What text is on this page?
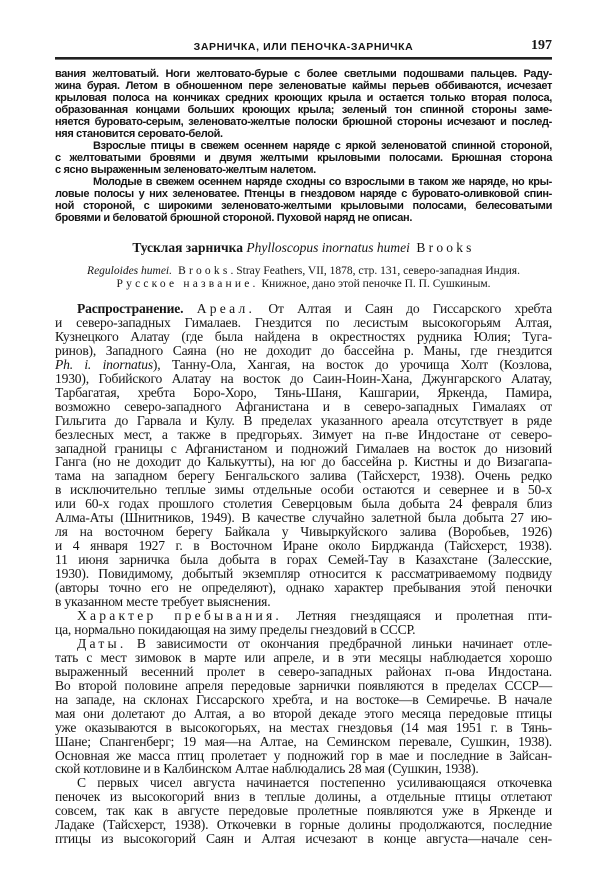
ЗАРНИЧКА, ИЛИ ПЕНОЧКА-ЗАРНИЧКА	197
вания желтоватый. Ноги желтовато-бурые с более светлыми подошвами пальцев. Раду-
жина бурая. Летом в обношенном пере зеленоватые каймы перьев оббиваются, исчезает
крыловая полоса на кончиках средних кроющих крыла и остается только вторая полоса,
образованная концами больших кроющих крыла; зеленый тон спинной стороны заме-
няется буровато-серым, зеленовато-желтые полоски брюшной стороны исчезают и послед-
няя становится серовато-белой.
Взрослые птицы в свежем осеннем наряде с яркой зеленоватой спинной стороной,
с желтоватыми бровями и двумя желтыми крыловыми полосами. Брюшная сторона
с ясно выраженным зеленовато-желтым налетом.
Молодые в свежем осеннем наряде сходны со взрослыми в таком же наряде, но кры-
ловые полосы у них зеленоватее. Птенцы в гнездовом наряде с буровато-оливковой спин-
ной стороной, с широкими зеленовато-желтыми крыловыми полосами, белесоватыми
бровями и беловатой брюшной стороной. Пуховой наряд не описан.
Тусклая зарничка Phylloscopus inornatus humei Brooks
Reguloides humei. Brooks. Stray Feathers, VII, 1878, стр. 131, северо-западная Индия.
Русское название. Книжное, дано этой пеночке П. П. Сушкиным.
Распространение. Ареал. От Алтая и Саян до Гиссарского хребта
и северо-западных Гималаев. Гнездится по лесистым высокогорьям Алтая,
Кузнецкого Алатау (где была найдена в окрестностях рудника Юлия; Туга-
ринов), Западного Саяна (но не доходит до бассейна р. Маны, где гнездится
Ph. i. inornatus), Танну-Ола, Хангая, на восток до урочища Холт (Козлова,
1930), Гобийского Алатау на восток до Саин-Ноин-Хана, Джунгарского Алатау,
Тарбагатая, хребта Боро-Хоро, Тянь-Шаня, Кашгарии, Яркенда, Памира,
возможно северо-западного Афганистана и в северо-западных Гималаях от
Гильгита до Гарвала и Кулу. В пределах указанного ареала отсутствует в ряде
безлесных мест, а также в предгорьях. Зимует на п-ве Индостане от северо-
западной границы с Афганистаном и подножий Гималаев на восток до низовий
Ганга (но не доходит до Калькутты), на юг до бассейна р. Кистны и до Визагапа-
тама на западном берегу Бенгальского залива (Тайсхерст, 1938). Очень редко
в исключительно теплые зимы отдельные особи остаются и севернее и в 50-х
или 60-х годах прошлого столетия Северцовым была добыта 24 февраля близ
Алма-Аты (Шнитников, 1949). В качестве случайно залетной была добыта 27 ию-
ля на восточном берегу Байкала у Чивыркуйского залива (Воробьев, 1926)
и 4 января 1927 г. в Восточном Иране около Бирджанда (Тайсхерст, 1938).
11 июня зарничка была добыта в горах Семей-Тау в Казахстане (Залесские,
1930). Повидимому, добытый экземпляр относится к рассматриваемому подвиду
(авторы точно его не определяют), однако характер пребывания этой пеночки
в указанном месте требует выяснения.
Характер пребывания. Летняя гнездящаяся и пролетная пти-
ца, нормально покидающая на зиму пределы гнездовий в СССР.
Даты. В зависимости от окончания предбрачной линьки начинает отле-
тать с мест зимовок в марте или апреле, и в эти месяцы наблюдается хорошо
выраженный весенний пролет в северо-западных районах п-ова Индостана.
Во второй половине апреля передовые зарнички появляются в пределах СССР—
на западе, на склонах Гиссарского хребта, и на востоке—в Семиречье. В начале
мая они долетают до Алтая, а во второй декаде этого месяца передовые птицы
уже оказываются в высокогорьях, на местах гнездовья (14 мая 1951 г. в Тянь-
Шане; Спангенберг; 19 мая—на Алтае, на Семинском перевале, Сушкин, 1938).
Основная же масса птиц пролетает у подножий гор в мае и последние в Зайсан-
ской котловине и в Калбинском Алтае наблюдались 28 мая (Сушкин, 1938).
С первых чисел августа начинается постепенно усиливающаяся откочевка
пеночек из высокогорий вниз в теплые долины, а отдельные птицы отлетают
совсем, так как в августе передовые пролетные появляются уже в Яркенде и
Ладаке (Тайсхерст, 1938). Откочевки в горные долины продолжаются, последние
птицы из высокогорий Саян и Алтая исчезают в конце августа—начале сен-
